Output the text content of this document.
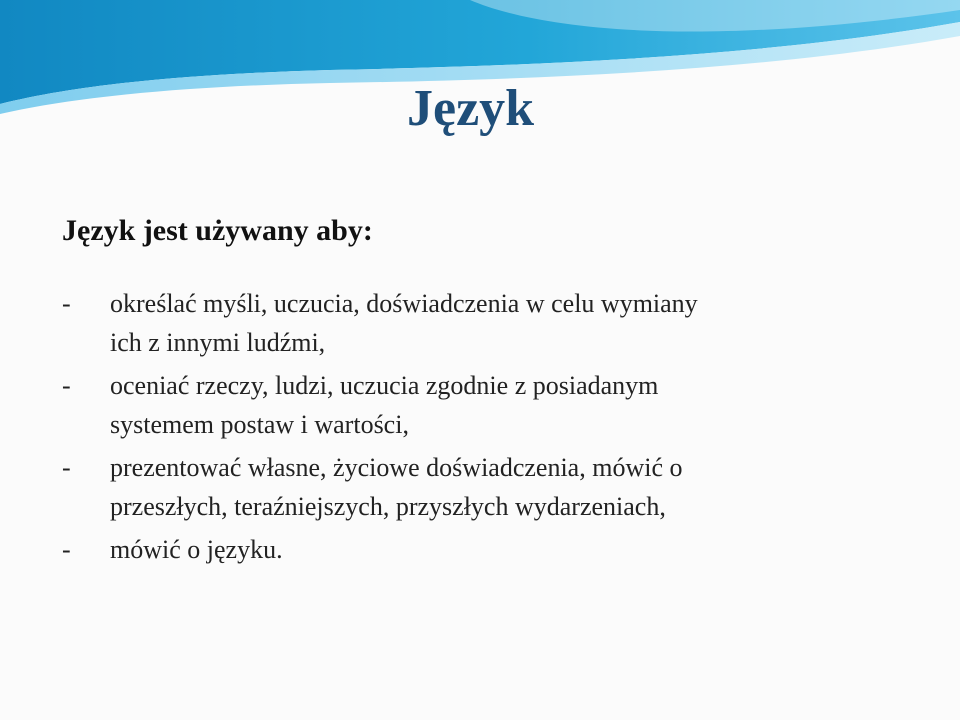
Język
Język jest używany aby:
- określać myśli, uczucia, doświadczenia w celu wymiany
ich z innymi ludźmi,
- oceniać rzeczy, ludzi, uczucia zgodnie z posiadanym
systemem postaw i wartości,
- prezentować własne, życiowe doświadczenia, mówić o
przeszłych, teraźniejszych, przyszłych wydarzeniach,
- mówić o języku.
